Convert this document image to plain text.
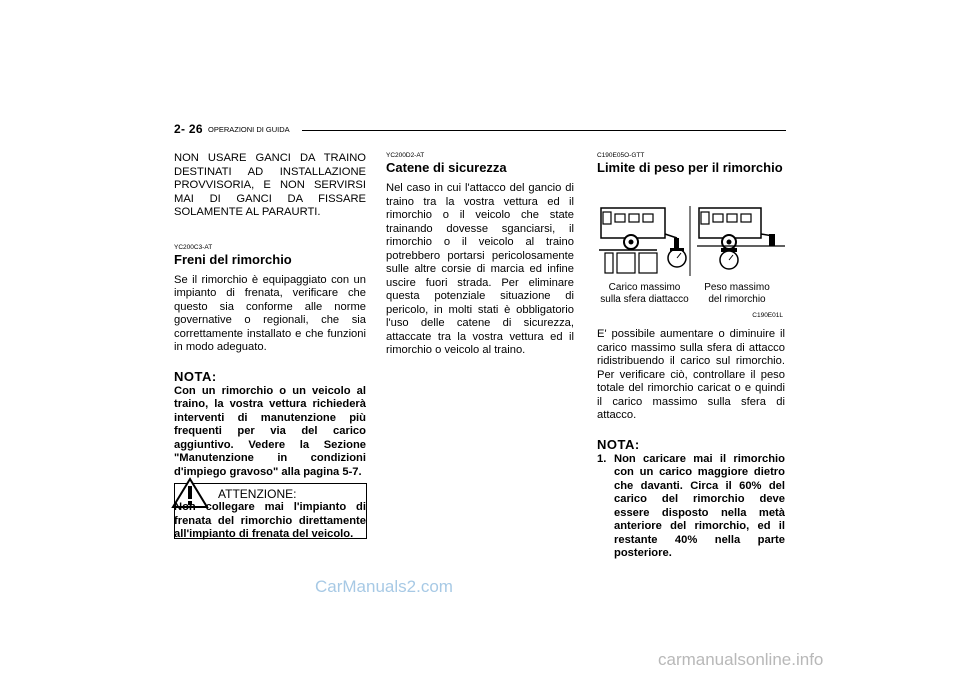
2- 26 OPERAZIONI DI GUIDA

NON USARE GANCI DA TRAINO DESTINATI AD INSTALLAZIONE PROVVISORIA, E NON SERVIRSI MAI DI GANCI DA FISSARE SOLAMENTE AL PARAURTI.

YC200C3-AT

Freni del rimorchio

Se il rimorchio è equipaggiato con un impianto di frenata, verificare che questo sia conforme alle norme governative o regionali, che sia correttamente installato e che funzioni in modo adeguato.

NOTA:

Con un rimorchio o un veicolo al traino, la vostra vettura richiederà interventi di manutenzione più frequenti per via del carico aggiuntivo. Vedere la Sezione "Manutenzione in condizioni d'impiego gravoso" alla pagina 5-7.

ATTENZIONE:
Non collegare mai l'impianto di frenata del rimorchio direttamente all'impianto di frenata del veicolo.

YC200D2-AT

Catene di sicurezza

Nel caso in cui l'attacco del gancio di traino tra la vostra vettura ed il rimorchio o il veicolo che state trainando dovesse sganciarsi, il rimorchio o il veicolo al traino potrebbero portarsi pericolosamente sulle altre corsie di marcia ed infine uscire fuori strada. Per eliminare questa potenziale situazione di pericolo, in molti stati è obbligatorio l'uso delle catene di sicurezza, attaccate tra la vostra vettura ed il rimorchio o veicolo al traino.

C190E05O-GTT

Limite di peso per il rimorchio

Carico massimo sulla sfera diattacco
Peso massimo del rimorchio
C190E01L

E' possibile aumentare o diminuire il carico massimo sulla sfera di attacco ridistribuendo il carico sul rimorchio. Per verificare ciò, controllare il peso totale del rimorchio caricat o e quindi il carico massimo sulla sfera di attacco.

NOTA:

1. Non caricare mai il rimorchio con un carico maggiore dietro che davanti. Circa il 60% del carico del rimorchio deve essere disposto nella metà anteriore del rimorchio, ed il restante 40% nella parte posteriore.

CarManuals2.com
carmanualsonline.info
